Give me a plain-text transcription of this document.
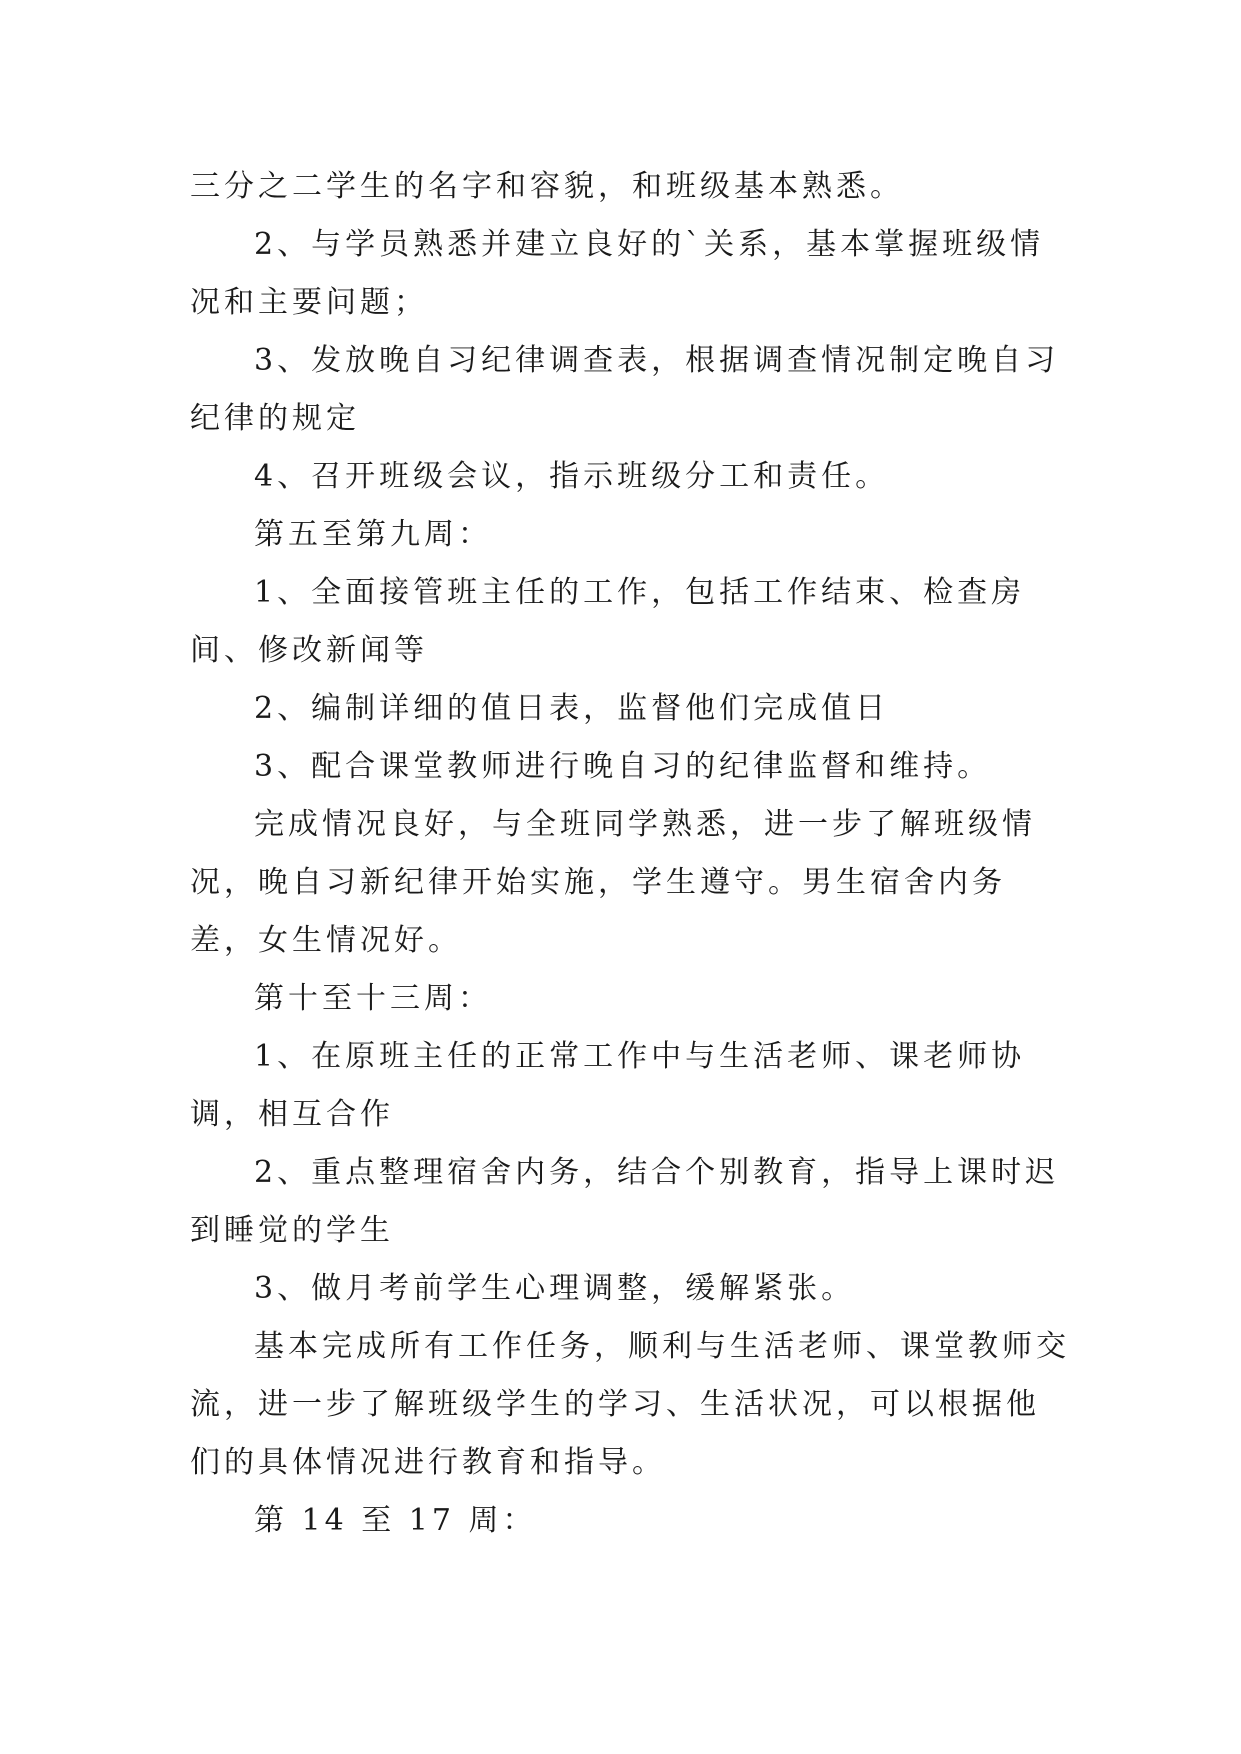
三分之二学生的名字和容貌，和班级基本熟悉。

2、与学员熟悉并建立良好的`关系，基本掌握班级情况和主要问题；

3、发放晚自习纪律调查表，根据调查情况制定晚自习纪律的规定

4、召开班级会议，指示班级分工和责任。

第五至第九周：

1、全面接管班主任的工作，包括工作结束、检查房间、修改新闻等

2、编制详细的值日表，监督他们完成值日

3、配合课堂教师进行晚自习的纪律监督和维持。

完成情况良好，与全班同学熟悉，进一步了解班级情况，晚自习新纪律开始实施，学生遵守。男生宿舍内务差，女生情况好。

第十至十三周：

1、在原班主任的正常工作中与生活老师、课老师协调，相互合作

2、重点整理宿舍内务，结合个别教育，指导上课时迟到睡觉的学生

3、做月考前学生心理调整，缓解紧张。

基本完成所有工作任务，顺利与生活老师、课堂教师交流，进一步了解班级学生的学习、生活状况，可以根据他们的具体情况进行教育和指导。

第 14 至 17 周：
